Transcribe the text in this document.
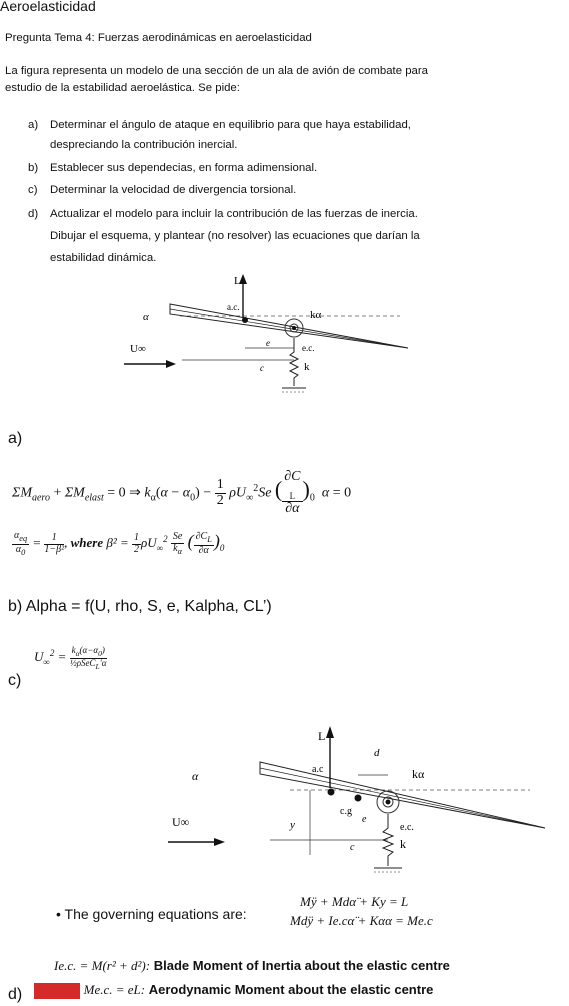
Aeroelasticidad
Pregunta Tema 4: Fuerzas aerodinámicas en aeroelasticidad
La figura representa un modelo de una sección de un ala de avión de combate para
estudio de la estabilidad aeroelástica. Se pide:
a) Determinar el ángulo de ataque en equilibrio para que haya estabilidad,
despreciando la contribución inercial.
b) Establecer sus dependecias, en forma adimensional.
c) Determinar la velocidad de divergencia torsional.
d) Actualizar el modelo para incluir la contribución de las fuerzas de inercia.
Dibujar el esquema, y plantear (no resolver) las ecuaciones que darían la
estabilidad dinámica.
L
a.c.
kα
α
U∞	e	e.c.
c	k
a)
$\Sigma M_{aero} + \Sigma M_{elast} = 0$ ⇒ $k_\alpha(\alpha - \alpha_0) - \frac{1}{2} \rho U_\infty^2Se$ ( ∂C
$_L$
∂α )$_0$ α = 0
$\frac{\alpha_{eq}}{\alpha_0} = \frac{1}{\text{1−β²}}$ , where $\beta^2 = \frac{1}{2} \rho U_\infty^2 \frac{Se}{k_\alpha}$ ( $\frac{\partial C_L}{\partial\alpha} )_0$
b) Alpha = f(U, rho, S, e, Kalpha, CL’)
$U_\infty^2 = \frac{k_\alpha(\alpha-\alpha_0)}{\frac{1}{2}\rho SeC_L'\alpha}$
c)
L
a.c
c.g
d
kα
α
U∞	y	e
e.c.
c	k
• The governing equations are:
Mÿ + Mdα̈ + Ky = L
Mdÿ + Ie.cα̈ + Kαα = Me.c
Ie.c. = M(r² + d²): Blade Moment of Inertia about the elastic centre
d)	Me.c. = eL: Aerodynamic Moment about the elastic centre
